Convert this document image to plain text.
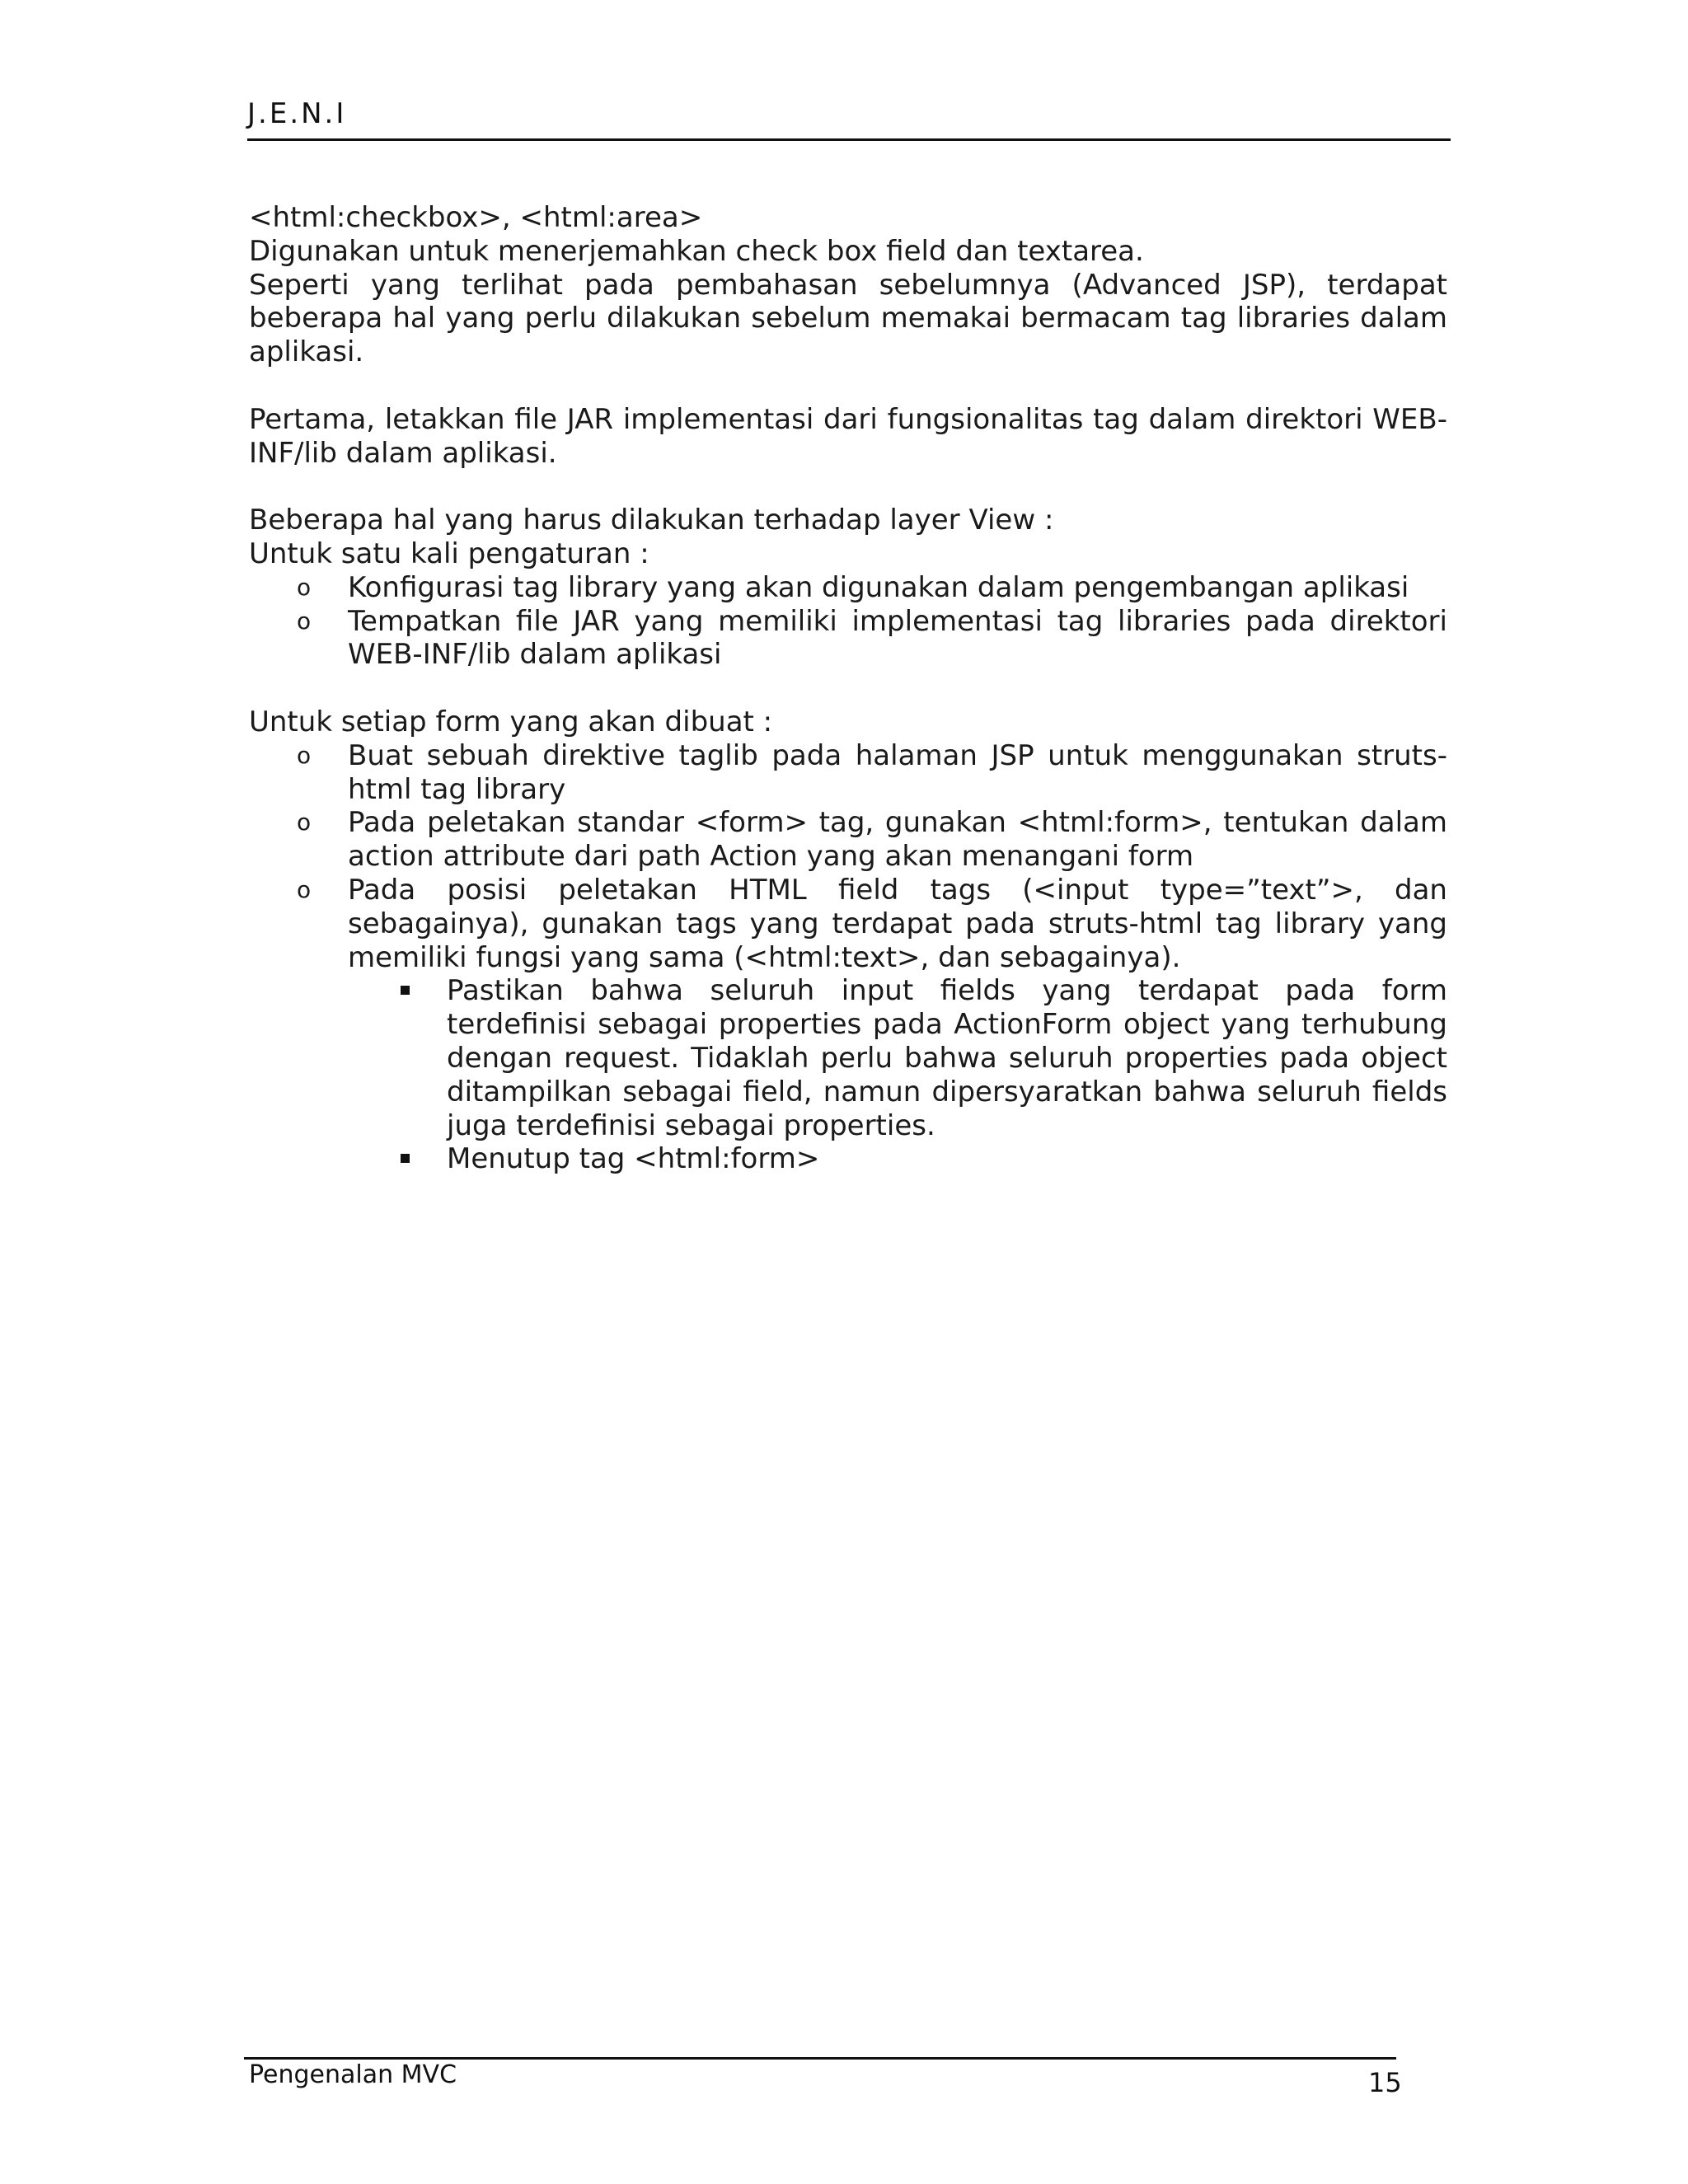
J.E.N.I

<html:checkbox>, <html:area>

Digunakan untuk menerjemahkan check box field dan textarea.

Seperti yang terlihat pada pembahasan sebelumnya (Advanced JSP), terdapat beberapa hal yang perlu dilakukan sebelum memakai bermacam tag libraries dalam aplikasi.

Pertama, letakkan file JAR implementasi dari fungsionalitas tag dalam direktori WEB-INF/lib dalam aplikasi.

Beberapa hal yang harus dilakukan terhadap layer View :

Untuk satu kali pengaturan :

o Konfigurasi tag library yang akan digunakan dalam pengembangan aplikasi
o Tempatkan file JAR yang memiliki implementasi tag libraries pada direktori WEB-INF/lib dalam aplikasi

Untuk setiap form yang akan dibuat :

o Buat sebuah direktive taglib pada halaman JSP untuk menggunakan struts-html tag library
o Pada peletakan standar <form> tag, gunakan <html:form>, tentukan dalam action attribute dari path Action yang akan menangani form
o Pada posisi peletakan HTML field tags (<input type=”text”>, dan sebagainya), gunakan tags yang terdapat pada struts-html tag library yang memiliki fungsi yang sama (<html:text>, dan sebagainya).
Pastikan bahwa seluruh input fields yang terdapat pada form terdefinisi sebagai properties pada ActionForm object yang terhubung dengan request. Tidaklah perlu bahwa seluruh properties pada object ditampilkan sebagai field, namun dipersyaratkan bahwa seluruh fields juga terdefinisi sebagai properties.
Menutup tag <html:form>
Pengenalan MVC	15
